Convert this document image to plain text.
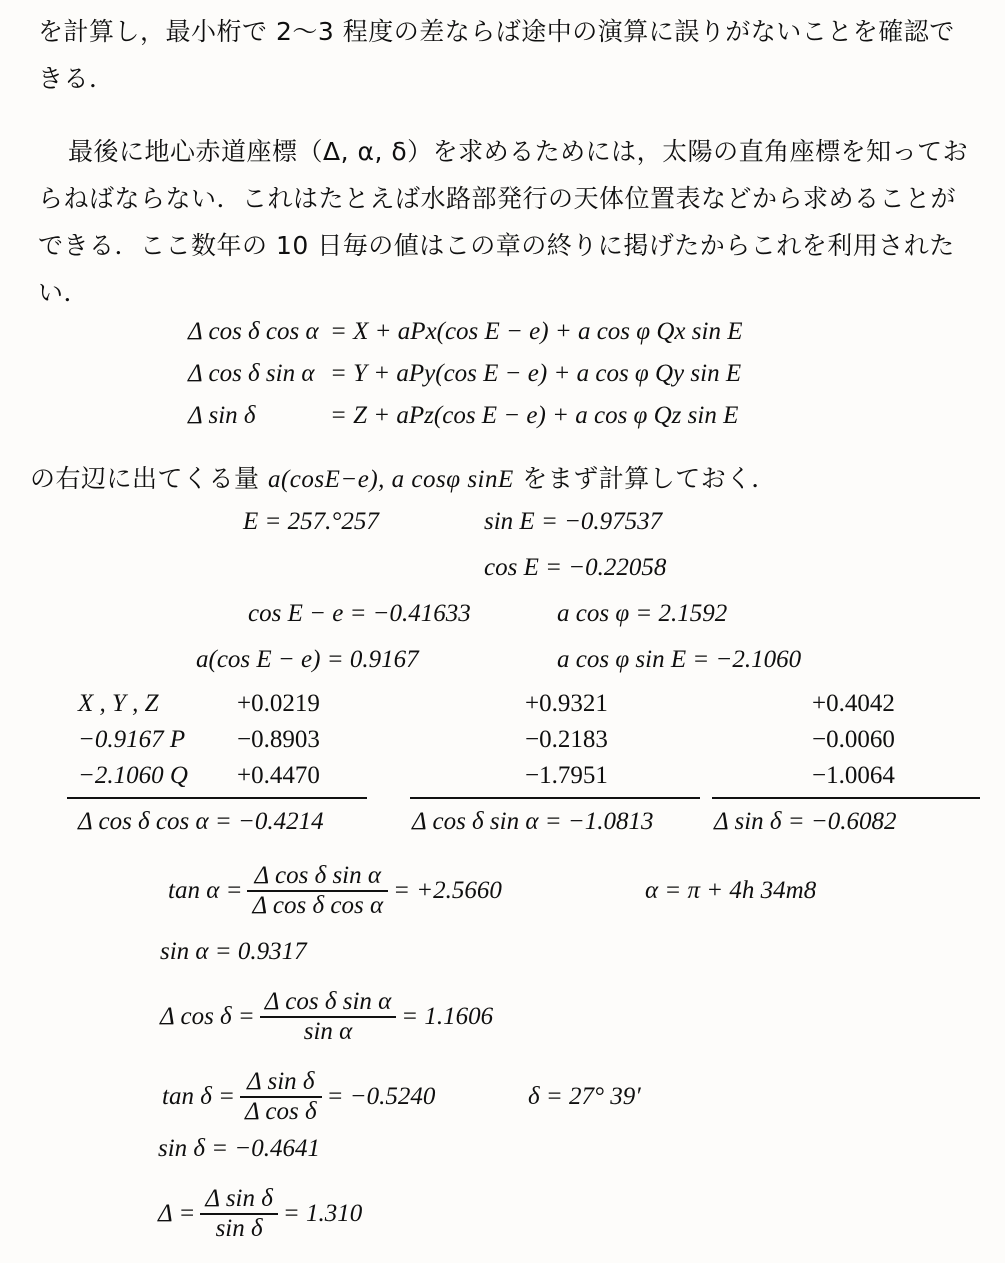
を計算し，最小桁で 2〜3 程度の差ならば途中の演算に誤りがないことを確認できる．
最後に地心赤道座標（Δ, α, δ）を求めるためには，太陽の直角座標を知っておらねばならない．これはたとえば水路部発行の天体位置表などから求めることができる．ここ数年の 10 日毎の値はこの章の終りに掲げたからこれを利用されたい．
Δ cos δ cos α = X + aPx(cos E − e) + a cos φ Qx sin E
Δ cos δ sin α = Y + aPy(cos E − e) + a cos φ Qy sin E
Δ sin δ	= Z + aPz(cos E − e) + a cos φ Qz sin E
の右辺に出てくる量 a(cosE−e), a cosφ sinE をまず計算しておく．
E = 257.°257	sin E = −0.97537
cos E = −0.22058
cos E − e = −0.41633	a cos φ = 2.1592
a(cos E − e) = 0.9167	a cos φ sin E = −2.1060
X , Y , Z	+0.0219	+0.9321	+0.4042
−0.9167 P −0.8903	−0.2183	−0.0060
−2.1060 Q +0.4470	−1.7951	−1.0064
Δ cos δ cos α = −0.4214	Δ cos δ sin α = −1.0813 Δ sin δ = −0.6082
$\tan \alpha = \frac{\text{Δ cos δ sin α}}{\text{Δ cos δ cos α}} = +2.5660$	α = π + 4h 34m8
sin α = 0.9317
Δ $\cos \delta = \frac{\text{Δ cos δ sin α}}{\text{sin α}} = 1.1606$
$\tan \delta = \frac{\text{Δ sin δ}}{\text{Δ cos δ}} = -0.5240$	δ = 27° 39′
sin δ = −0.4641
$\Delta = \frac{\text{Δ sin δ}}{\text{sin δ}} = 1.310$
